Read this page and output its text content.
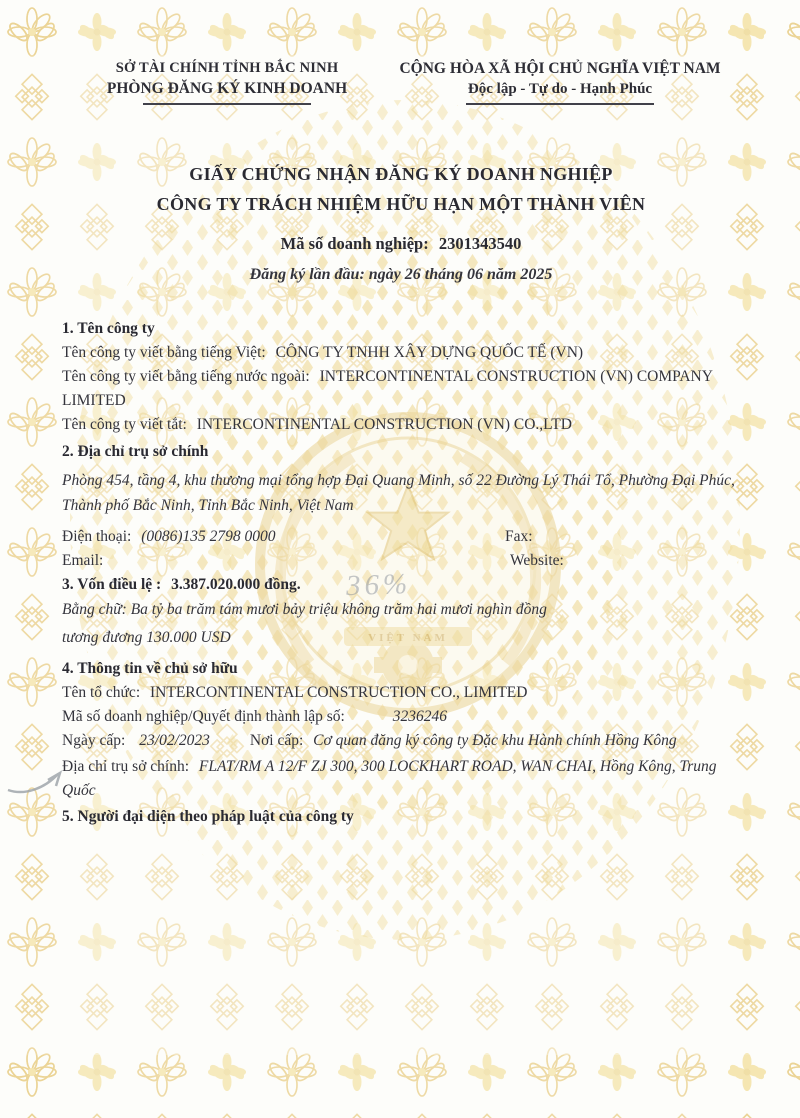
VIỆT NAM
SỞ TÀI CHÍNH TỈNH BẮC NINH
PHÒNG ĐĂNG KÝ KINH DOANH
CỘNG HÒA XÃ HỘI CHỦ NGHĨA VIỆT NAM
Độc lập - Tự do - Hạnh Phúc
36%
GIẤY CHỨNG NHẬN ĐĂNG KÝ DOANH NGHIỆP
CÔNG TY TRÁCH NHIỆM HỮU HẠN MỘT THÀNH VIÊN
Mã số doanh nghiệp: 2301343540
Đăng ký lần đầu: ngày 26 tháng 06 năm 2025
1. Tên công ty
Tên công ty viết bằng tiếng Việt: CÔNG TY TNHH XÂY DỰNG QUỐC TẾ (VN)
Tên công ty viết bằng tiếng nước ngoài: INTERCONTINENTAL CONSTRUCTION (VN) COMPANY LIMITED
Tên công ty viết tắt: INTERCONTINENTAL CONSTRUCTION (VN) CO.,LTD
2. Địa chỉ trụ sở chính
Phòng 454, tầng 4, khu thương mại tổng hợp Đại Quang Minh, số 22 Đường Lý Thái Tổ, Phường Đại Phúc, Thành phố Bắc Ninh, Tỉnh Bắc Ninh, Việt Nam
Điện thoại: (0086)135 2798 0000	Fax:
Email:	Website:
3. Vốn điều lệ : 3.387.020.000 đồng.
Bằng chữ: Ba tỷ ba trăm tám mươi bảy triệu không trăm hai mươi nghìn đồng
tương đương 130.000 USD
4. Thông tin về chủ sở hữu
Tên tổ chức: INTERCONTINENTAL CONSTRUCTION CO., LIMITED
Mã số doanh nghiệp/Quyết định thành lập số:	3236246
Ngày cấp: 23/02/2023	Nơi cấp: Cơ quan đăng ký công ty Đặc khu Hành chính Hồng Kông
Địa chỉ trụ sở chính: FLAT/RM A 12/F ZJ 300, 300 LOCKHART ROAD, WAN CHAI, Hồng Kông, Trung Quốc
5. Người đại diện theo pháp luật của công ty
